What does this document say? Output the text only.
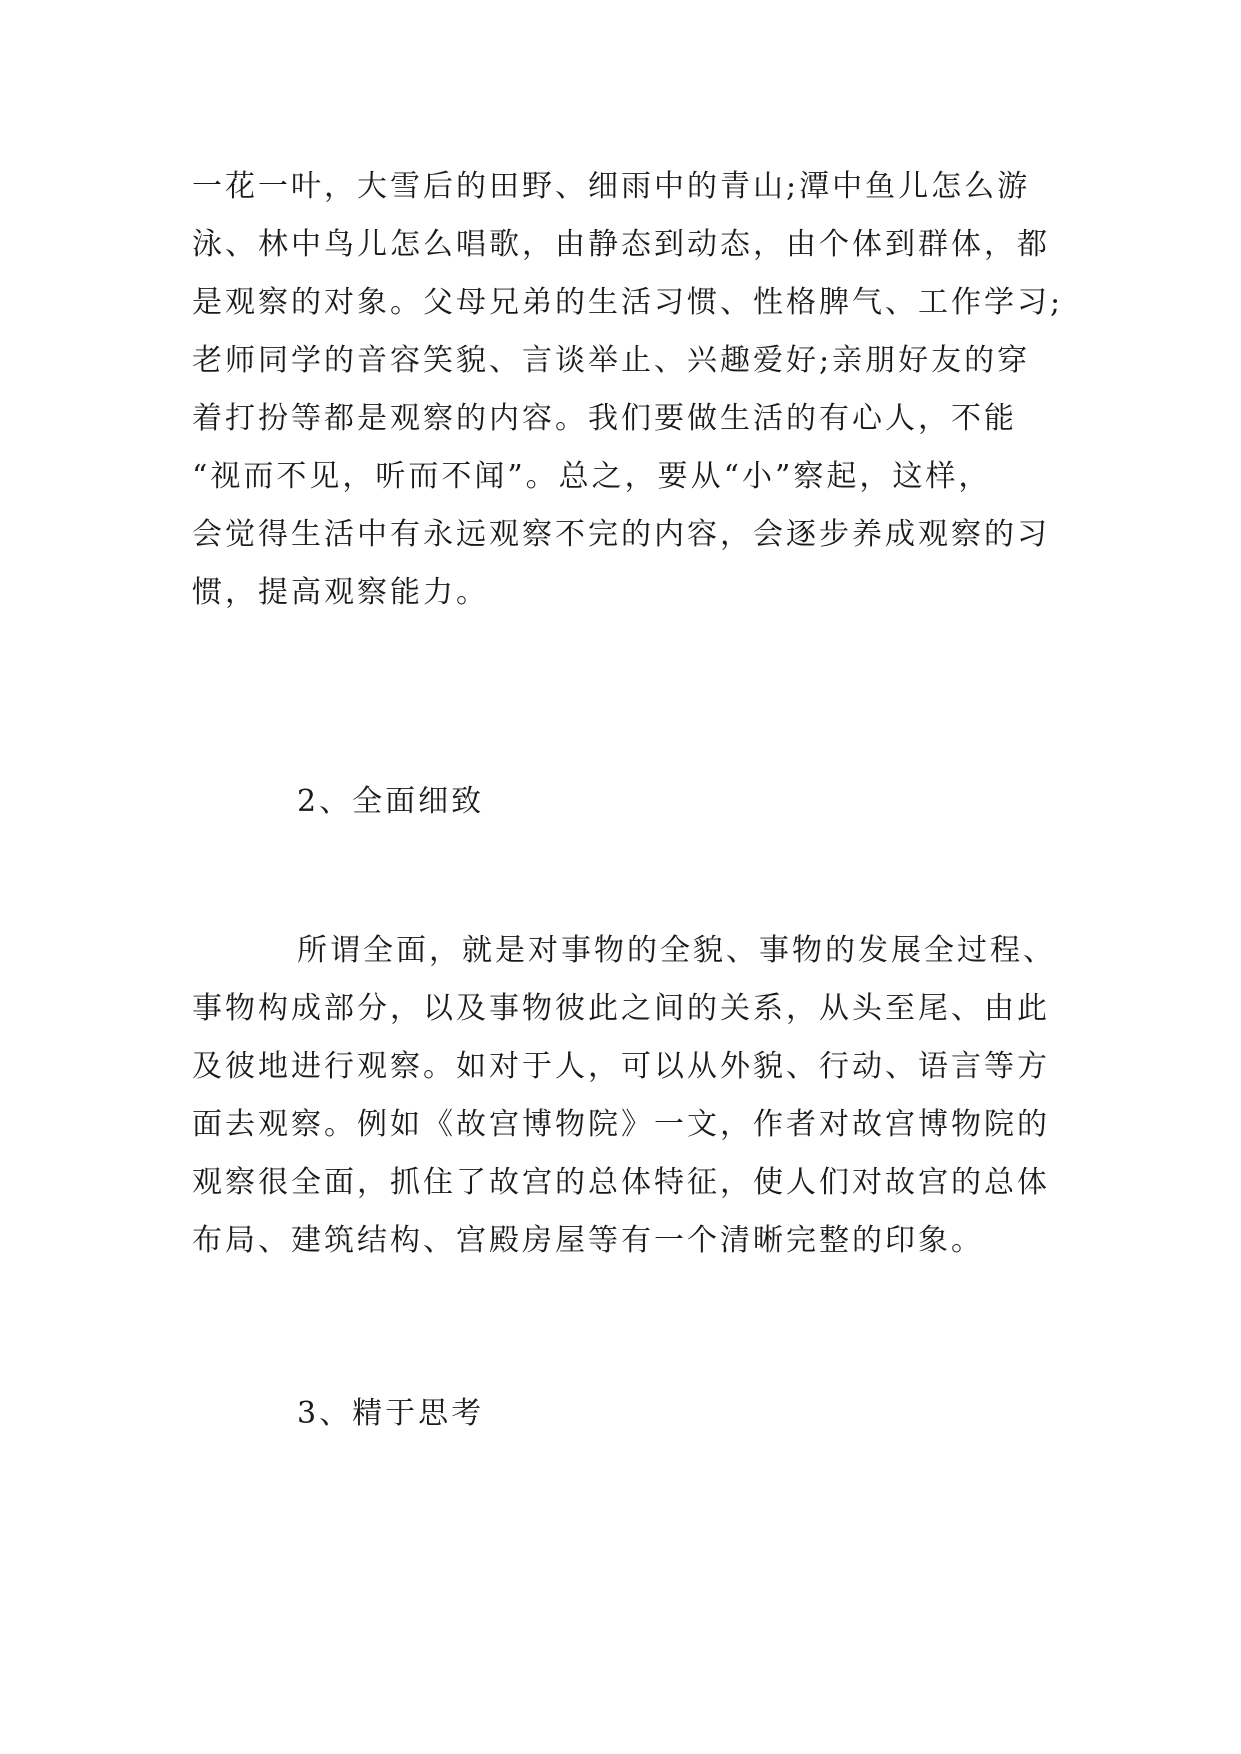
一花一叶，大雪后的田野、细雨中的青山;潭中鱼儿怎么游
泳、林中鸟儿怎么唱歌，由静态到动态，由个体到群体，都
是观察的对象。父母兄弟的生活习惯、性格脾气、工作学习;
老师同学的音容笑貌、言谈举止、兴趣爱好;亲朋好友的穿
着打扮等都是观察的内容。我们要做生活的有心人，不能
“视而不见，听而不闻”。总之，要从“小”察起，这样，
会觉得生活中有永远观察不完的内容，会逐步养成观察的习
惯，提高观察能力。
2、全面细致
所谓全面，就是对事物的全貌、事物的发展全过程、
事物构成部分，以及事物彼此之间的关系，从头至尾、由此
及彼地进行观察。如对于人，可以从外貌、行动、语言等方
面去观察。例如《故宫博物院》一文，作者对故宫博物院的
观察很全面，抓住了故宫的总体特征，使人们对故宫的总体
布局、建筑结构、宫殿房屋等有一个清晰完整的印象。
3、精于思考
